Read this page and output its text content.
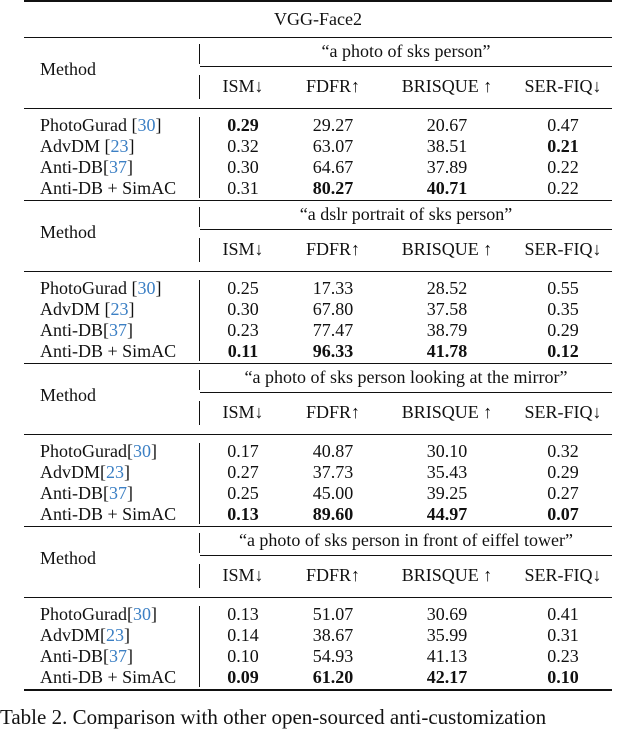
VGG-Face2
Method
“a photo of sks person”
ISM↓	FDFR↑	BRISQUE ↑	SER-FIQ↓
PhotoGurad [30]	0.29	29.27	20.67	0.47
AdvDM [23]	0.32	63.07	38.51	0.21
Anti-DB[37]	0.30	64.67	37.89	0.22
Anti-DB + SimAC	0.31	80.27	40.71	0.22
Method
“a dslr portrait of sks person”
ISM↓	FDFR↑	BRISQUE ↑	SER-FIQ↓
PhotoGurad [30]	0.25	17.33	28.52	0.55
AdvDM [23]	0.30	67.80	37.58	0.35
Anti-DB[37]	0.23	77.47	38.79	0.29
Anti-DB + SimAC	0.11	96.33	41.78	0.12
Method
“a photo of sks person looking at the mirror”
ISM↓	FDFR↑	BRISQUE ↑	SER-FIQ↓
PhotoGurad[30]	0.17	40.87	30.10	0.32
AdvDM[23]	0.27	37.73	35.43	0.29
Anti-DB[37]	0.25	45.00	39.25	0.27
Anti-DB + SimAC	0.13	89.60	44.97	0.07
Method
“a photo of sks person in front of eiffel tower”
ISM↓	FDFR↑	BRISQUE ↑	SER-FIQ↓
PhotoGurad[30]	0.13	51.07	30.69	0.41
AdvDM[23]	0.14	38.67	35.99	0.31
Anti-DB[37]	0.10	54.93	41.13	0.23
Anti-DB + SimAC	0.09	61.20	42.17	0.10
Table 2. Comparison with other open-sourced anti-customization
